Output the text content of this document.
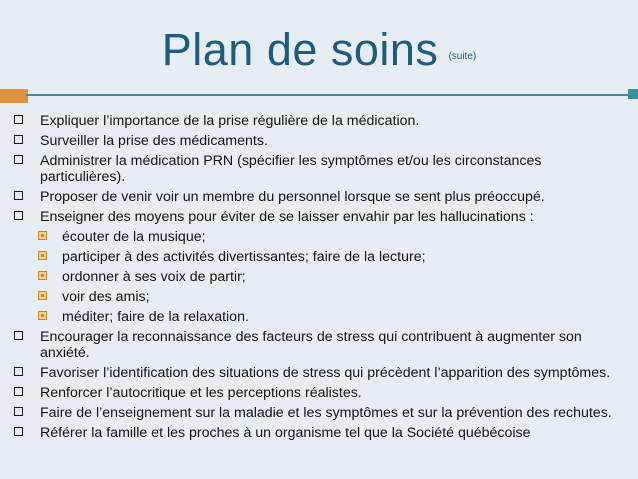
Plan de soins $^{(suite)}$
Expliquer l’importance de la prise régulière de la médication.
Surveiller la prise des médicaments.
Administrer la médication PRN (spécifier les symptômes et/ou les circonstances particulières).
Proposer de venir voir un membre du personnel lorsque se sent plus préoccupé.
Enseigner des moyens pour éviter de se laisser envahir par les hallucinations :
écouter de la musique;
participer à des activités divertissantes; faire de la lecture;
ordonner à ses voix de partir;
voir des amis;
méditer; faire de la relaxation.
Encourager la reconnaissance des facteurs de stress qui contribuent à augmenter son anxiété.
Favoriser l’identification des situations de stress qui précèdent l’apparition des symptômes.
Renforcer l’autocritique et les perceptions réalistes.
Faire de l’enseignement sur la maladie et les symptômes et sur la prévention des rechutes.
Référer la famille et les proches à un organisme tel que la Société québécoise
